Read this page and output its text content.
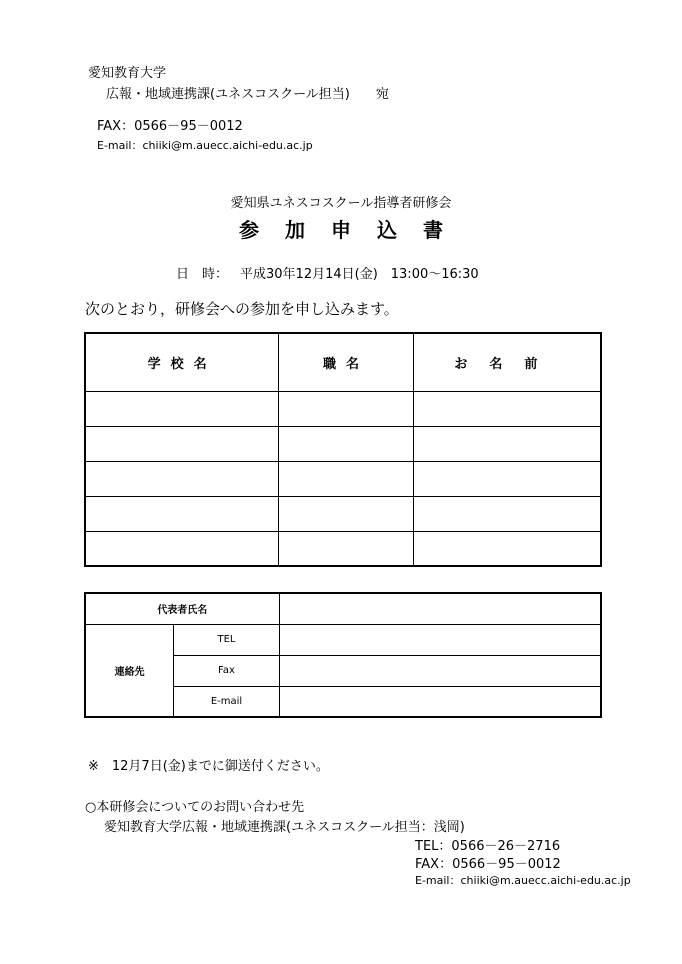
愛知教育大学
広報・地域連携課(ユネスコスクール担当)　　宛
FAX：0566－95－0012
E-mail：chiiki@m.auecc.aichi-edu.ac.jp
愛知県ユネスコスクール指導者研修会
参加申込書
日　時： 平成30年12月14日(金)　13:00～16:30
次のとおり，研修会への参加を申し込みます。
学校名	職名	お名前

代表者氏名		
連絡先	TEL	
	Fax	
	E-mail	
※　12月7日(金)までに御送付ください。
○本研修会についてのお問い合わせ先
愛知教育大学広報・地域連携課(ユネスコスクール担当：浅岡)
TEL：0566－26－2716
FAX：0566－95－0012
E-mail：chiiki@m.auecc.aichi-edu.ac.jp
